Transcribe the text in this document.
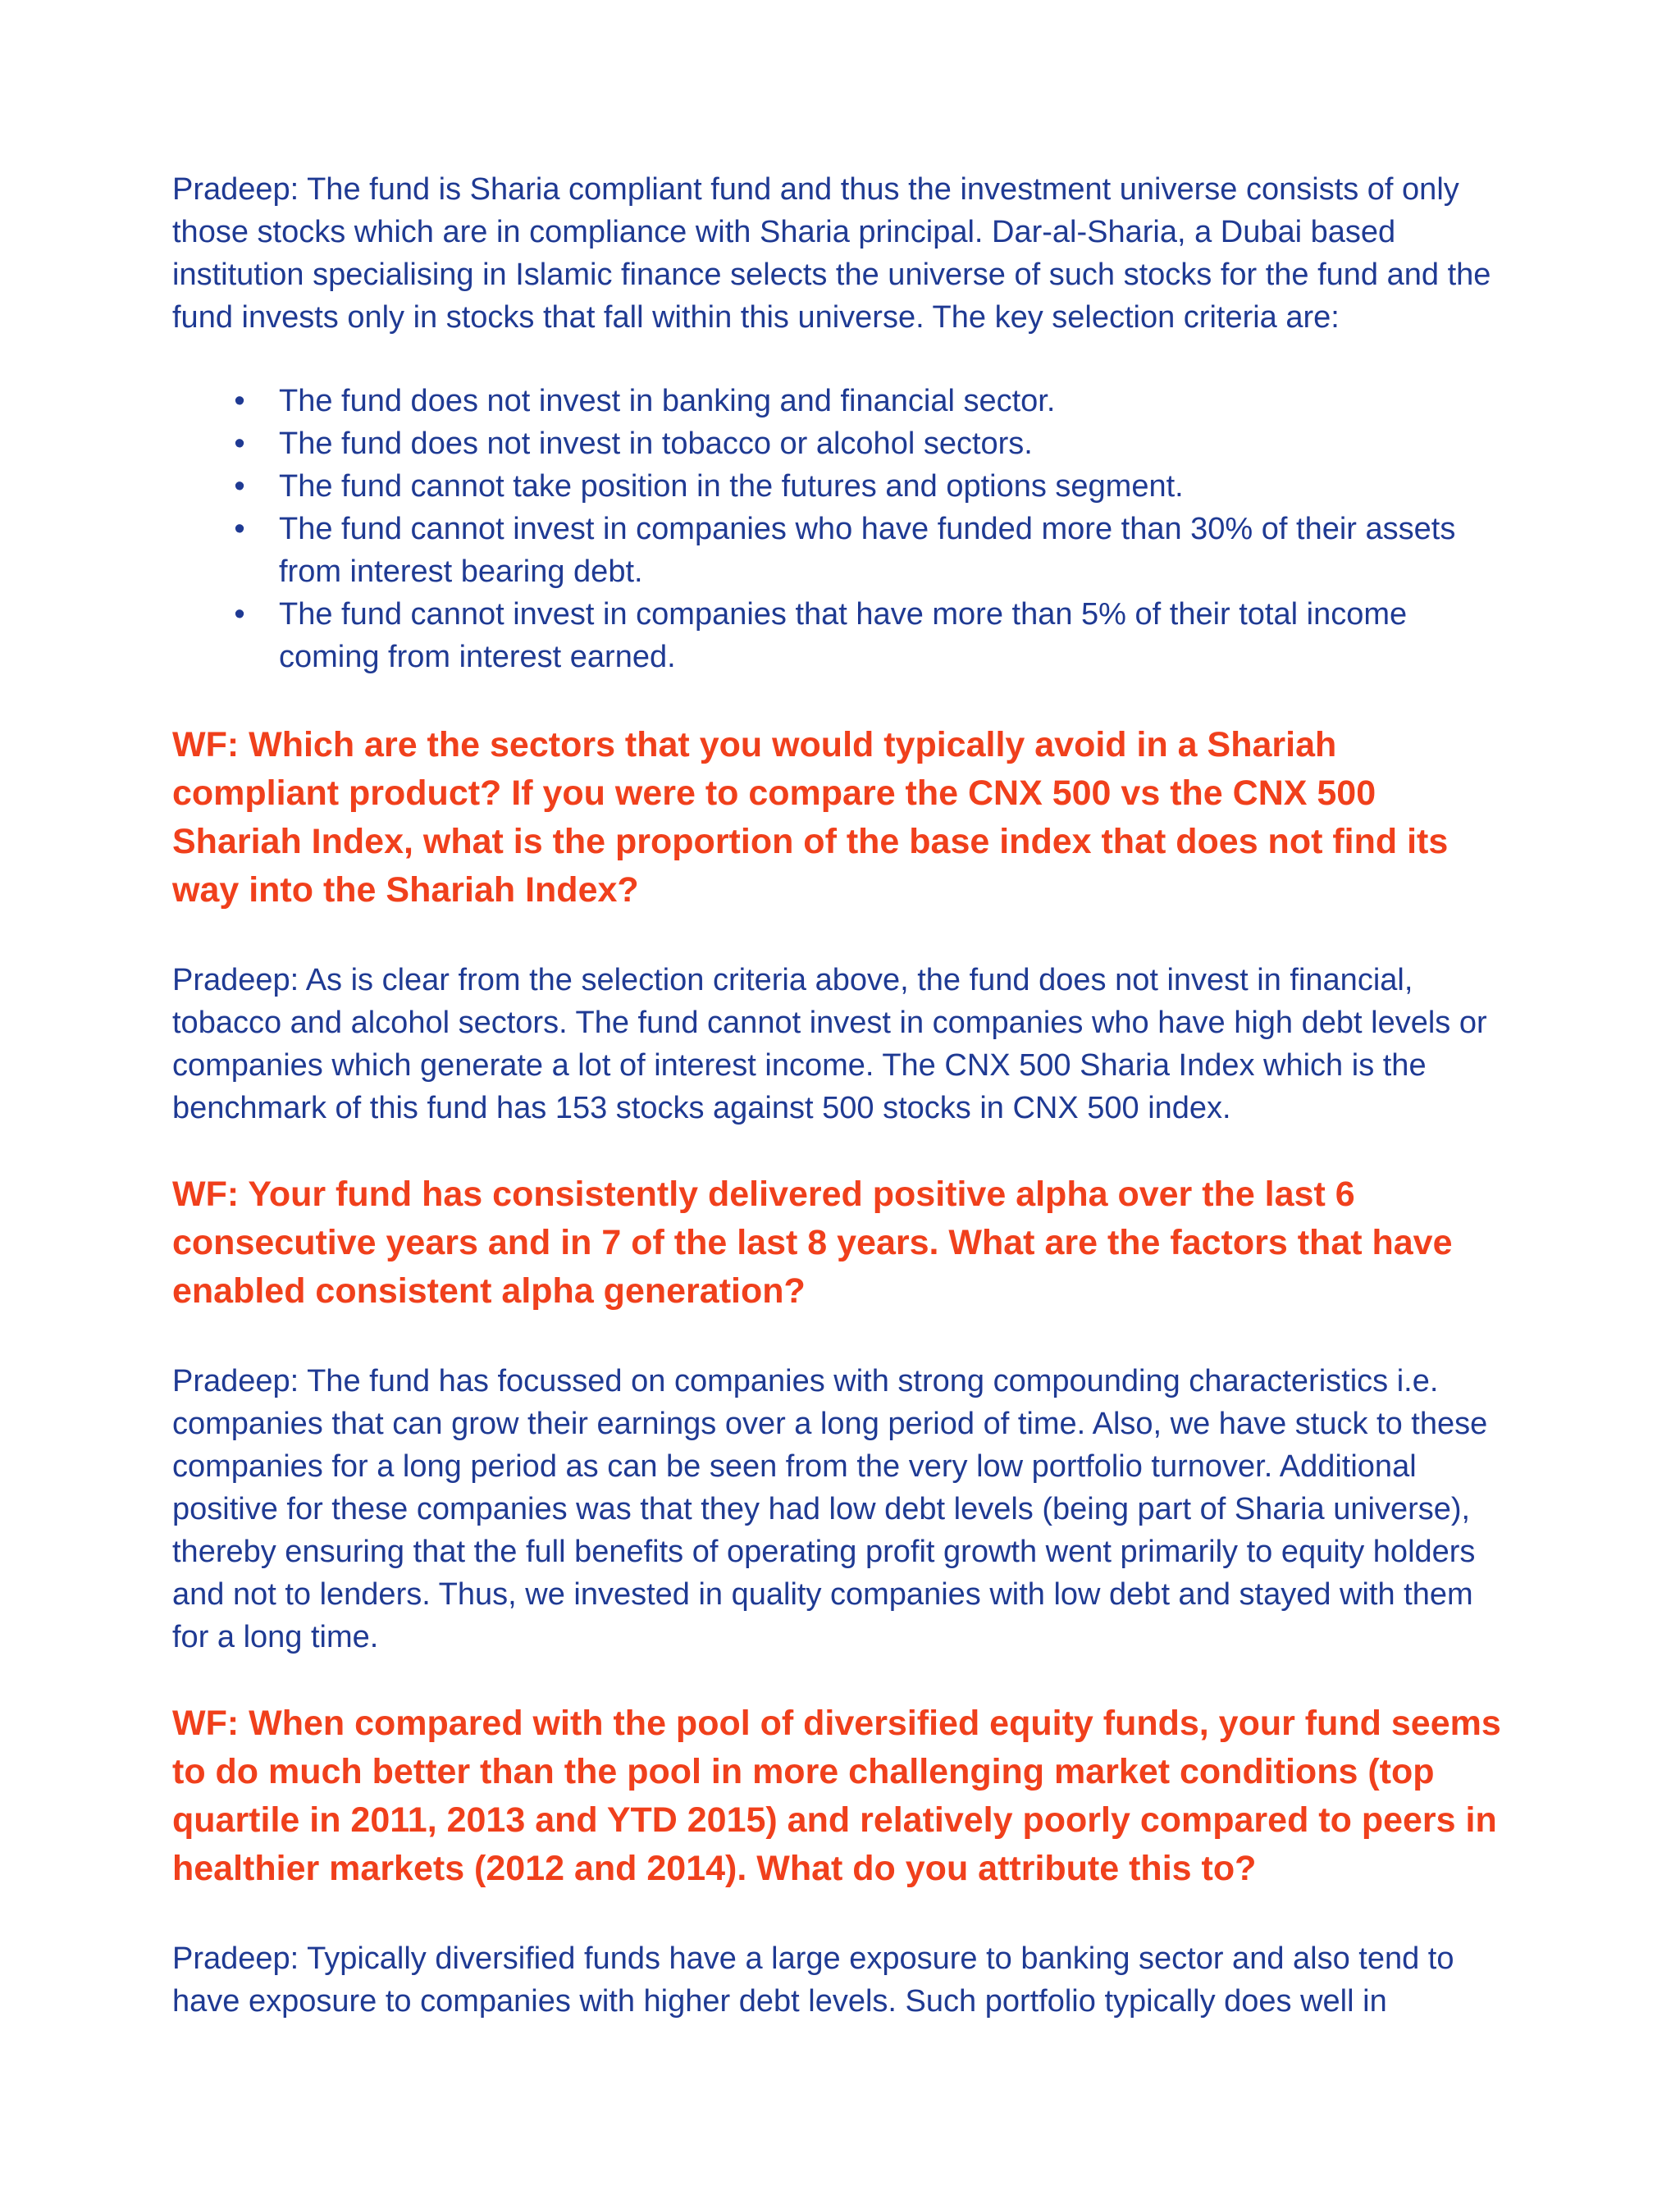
Pradeep: The fund is Sharia compliant fund and thus the investment universe consists of only those stocks which are in compliance with Sharia principal. Dar-al-Sharia, a Dubai based institution specialising in Islamic finance selects the universe of such stocks for the fund and the fund invests only in stocks that fall within this universe. The key selection criteria are:

• The fund does not invest in banking and financial sector.
• The fund does not invest in tobacco or alcohol sectors.
• The fund cannot take position in the futures and options segment.
• The fund cannot invest in companies who have funded more than 30% of their assets from interest bearing debt.
• The fund cannot invest in companies that have more than 5% of their total income coming from interest earned.

WF: Which are the sectors that you would typically avoid in a Shariah compliant product? If you were to compare the CNX 500 vs the CNX 500 Shariah Index, what is the proportion of the base index that does not find its way into the Shariah Index?

Pradeep: As is clear from the selection criteria above, the fund does not invest in financial, tobacco and alcohol sectors. The fund cannot invest in companies who have high debt levels or companies which generate a lot of interest income. The CNX 500 Sharia Index which is the benchmark of this fund has 153 stocks against 500 stocks in CNX 500 index.

WF: Your fund has consistently delivered positive alpha over the last 6 consecutive years and in 7 of the last 8 years. What are the factors that have enabled consistent alpha generation?

Pradeep: The fund has focussed on companies with strong compounding characteristics i.e. companies that can grow their earnings over a long period of time. Also, we have stuck to these companies for a long period as can be seen from the very low portfolio turnover. Additional positive for these companies was that they had low debt levels (being part of Sharia universe), thereby ensuring that the full benefits of operating profit growth went primarily to equity holders and not to lenders. Thus, we invested in quality companies with low debt and stayed with them for a long time.

WF: When compared with the pool of diversified equity funds, your fund seems to do much better than the pool in more challenging market conditions (top quartile in 2011, 2013 and YTD 2015) and relatively poorly compared to peers in healthier markets (2012 and 2014). What do you attribute this to?

Pradeep: Typically diversified funds have a large exposure to banking sector and also tend to have exposure to companies with higher debt levels. Such portfolio typically does well in
